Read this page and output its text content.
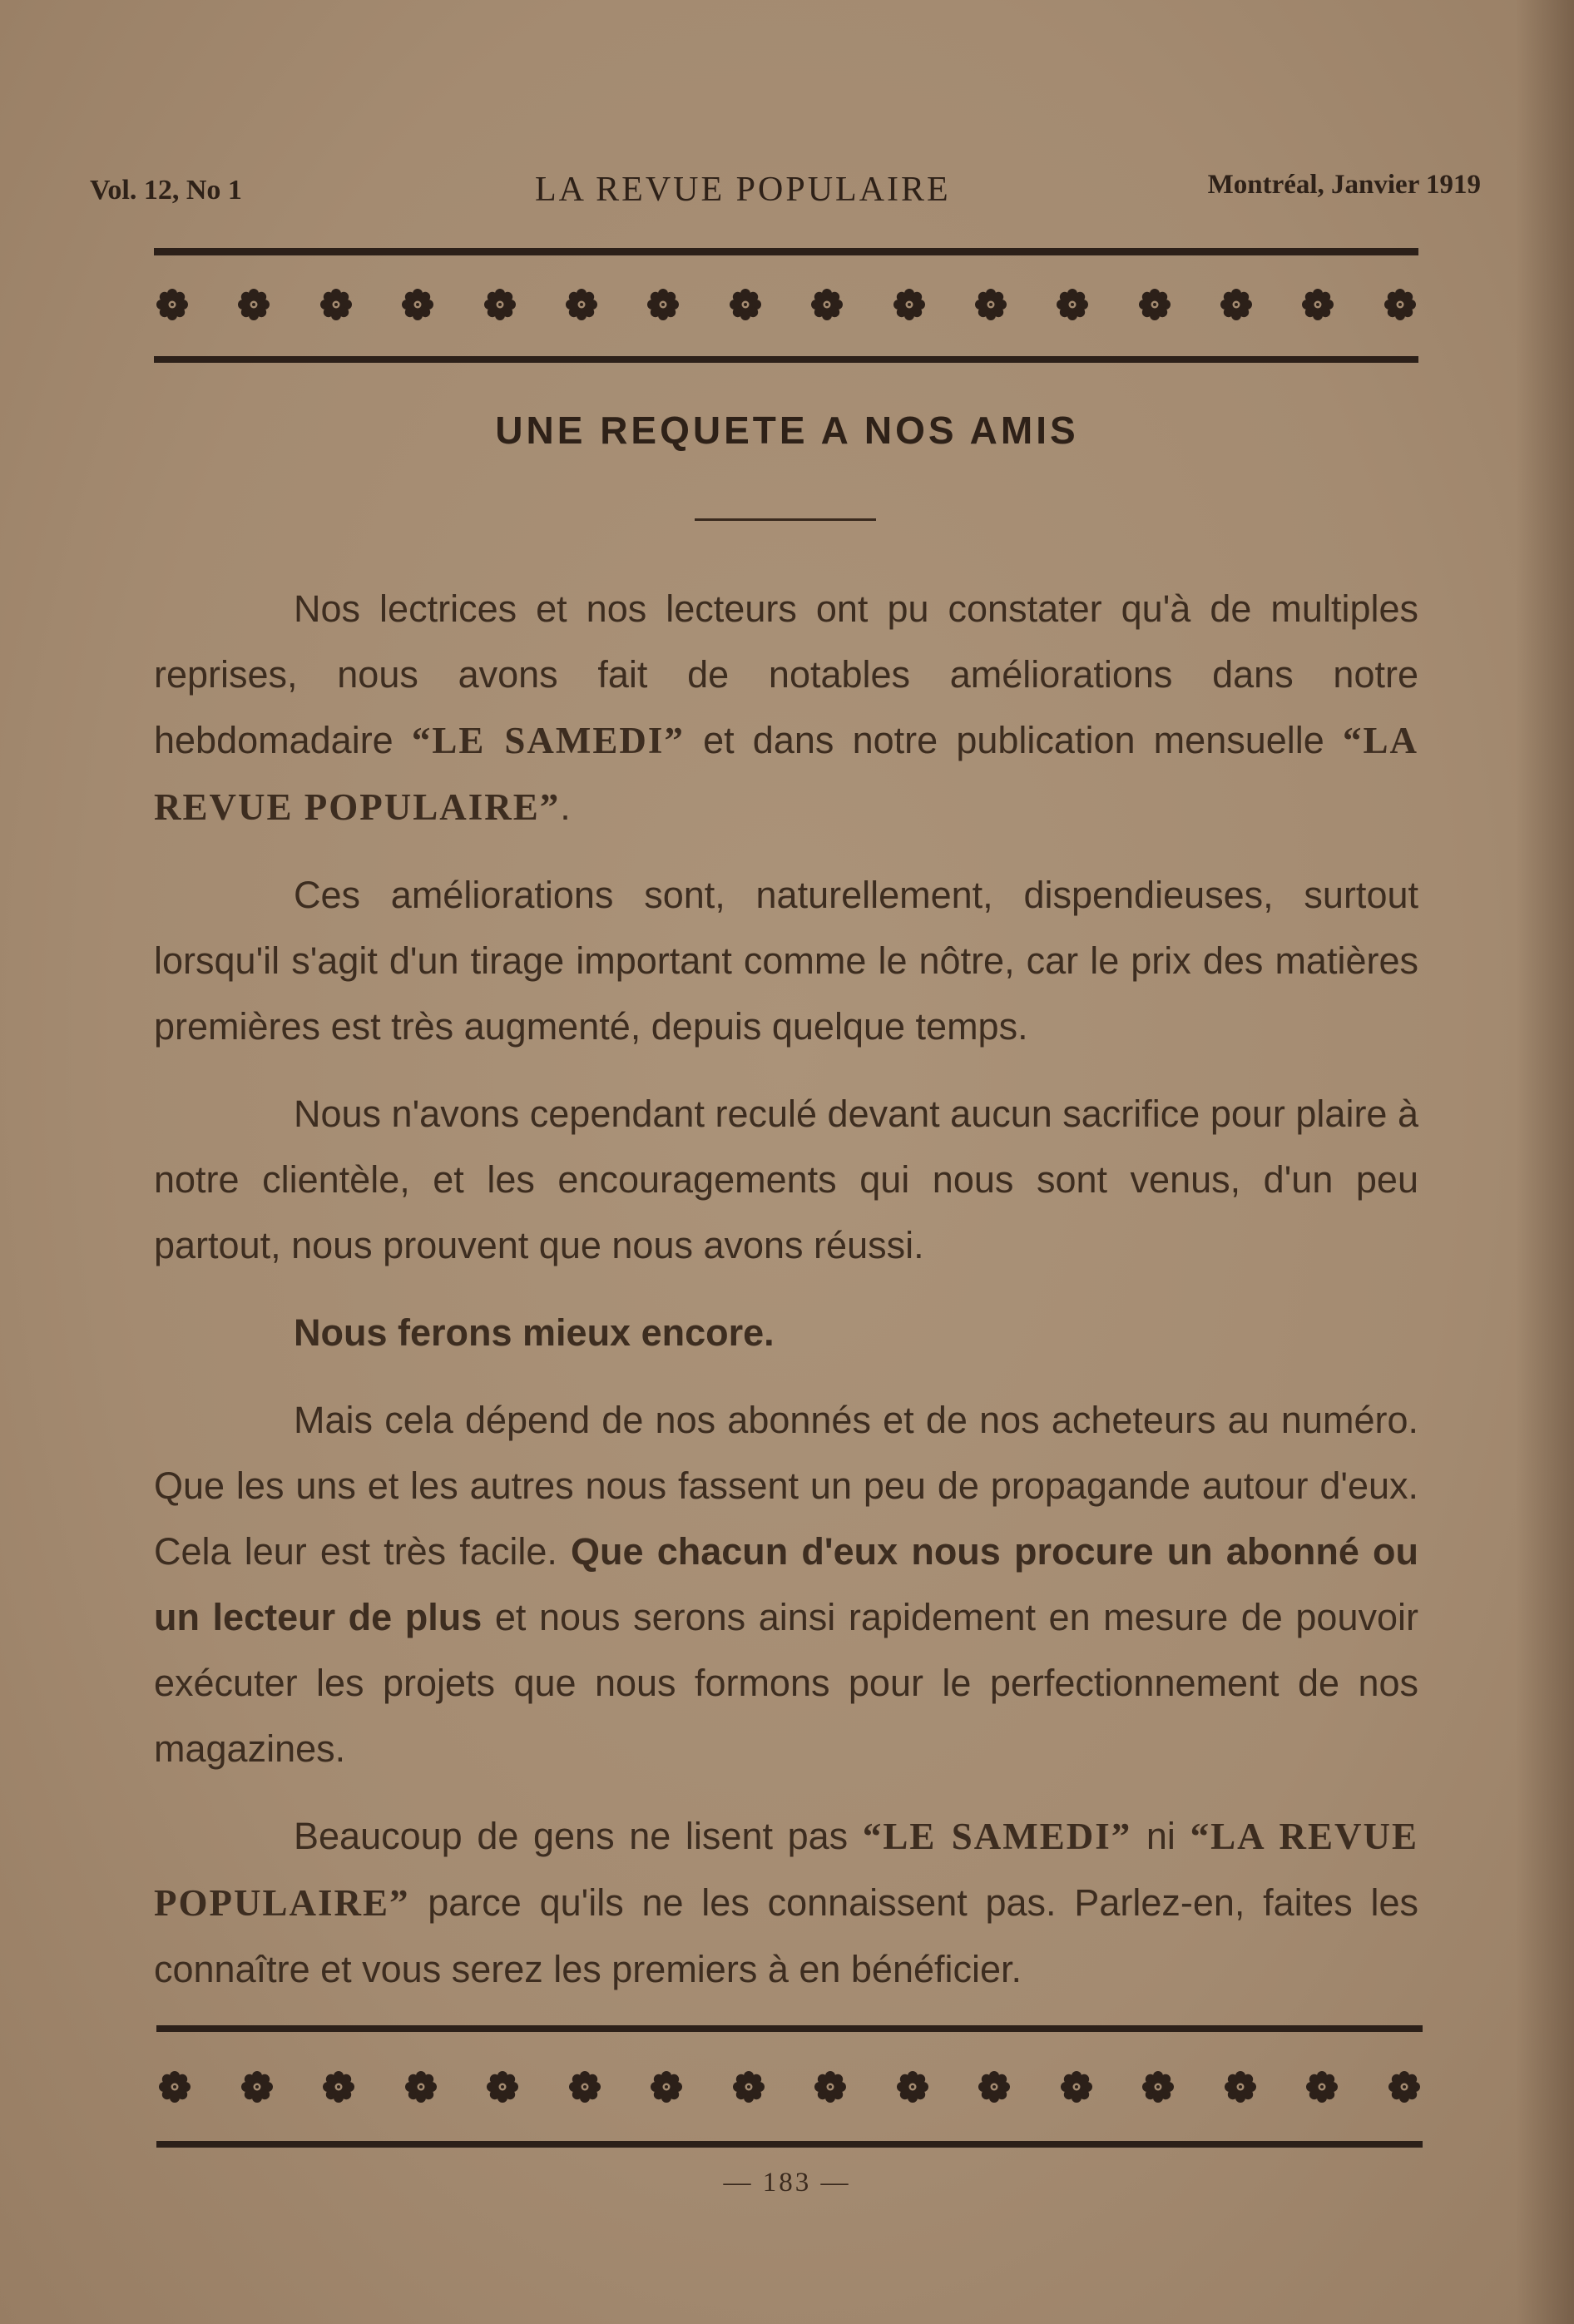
Vol. 12, No 1	LA REVUE POPULAIRE	Montréal, Janvier 1919
UNE REQUETE A NOS AMIS

Nos lectrices et nos lecteurs ont pu constater qu'à de multiples reprises, nous avons fait de notables améliorations dans notre hebdomadaire “LE SAMEDI” et dans notre publication mensuelle “LA REVUE POPULAIRE”.

Ces améliorations sont, naturellement, dispendieuses, surtout lorsqu'il s'agit d'un tirage important comme le nôtre, car le prix des matières premières est très augmenté, depuis quelque temps.

Nous n'avons cependant reculé devant aucun sacrifice pour plaire à notre clientèle, et les encouragements qui nous sont venus, d'un peu partout, nous prouvent que nous avons réussi.

Nous ferons mieux encore.

Mais cela dépend de nos abonnés et de nos acheteurs au numéro. Que les uns et les autres nous fassent un peu de propagande autour d'eux. Cela leur est très facile. Que chacun d'eux nous procure un abonné ou un lecteur de plus et nous serons ainsi rapidement en mesure de pouvoir exécuter les projets que nous formons pour le perfectionnement de nos magazines.

Beaucoup de gens ne lisent pas “LE SAMEDI” ni “LA REVUE POPULAIRE” parce qu'ils ne les connaissent pas. Parlez-en, faites les connaître et vous serez les premiers à en bénéficier.

— 183 —
